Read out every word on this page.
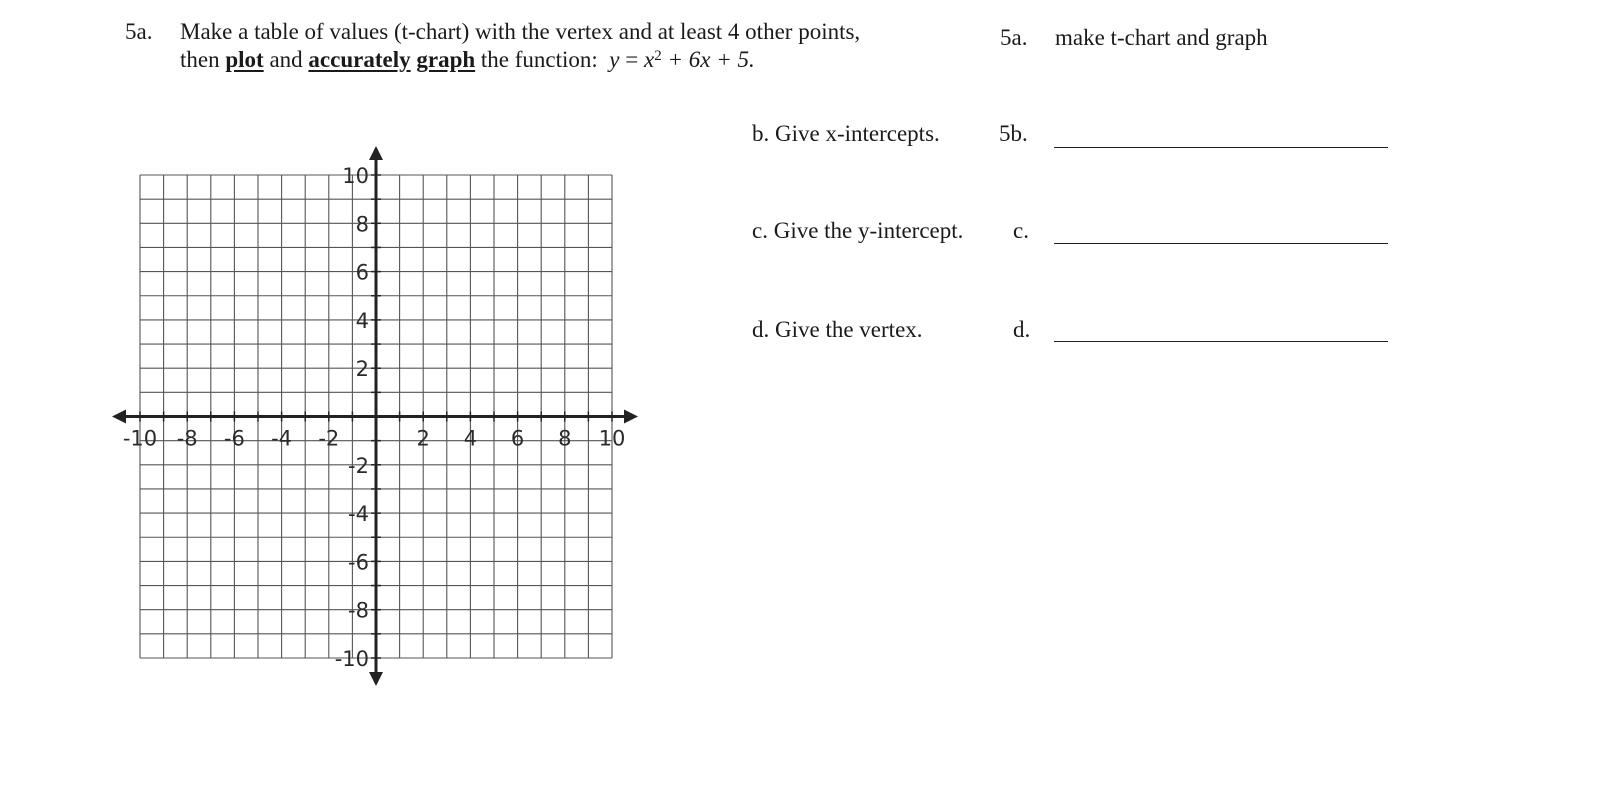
5a. Make a table of values (t-chart) with the vertex and at least 4 other points,
then plot and accurately graph the function: $y = x^2 + 6x + 5$.
5a. make t-chart and graph
b. Give x-intercepts.	5b.
c. Give the y-intercept. c.
d. Give the vertex.	d.
-10 -8 -6 -4 -2	2 4 6 8 10
10
8
6
4
2
-2
-4
-6
-8
-10
